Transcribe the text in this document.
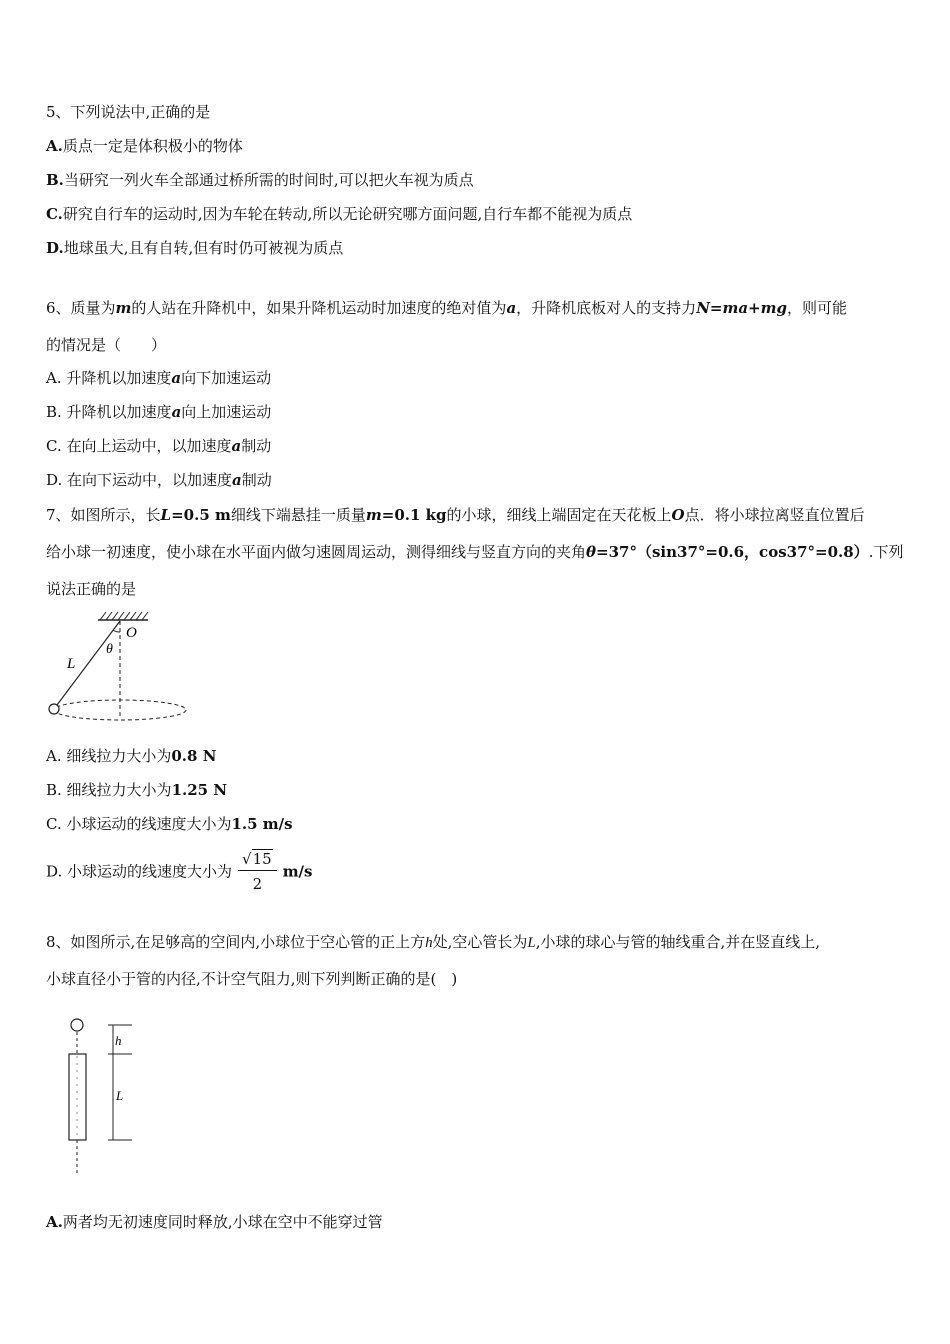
5、下列说法中,正确的是
A.质点一定是体积极小的物体
B.当研究一列火车全部通过桥所需的时间时,可以把火车视为质点
C.研究自行车的运动时,因为车轮在转动,所以无论研究哪方面问题,自行车都不能视为质点
D.地球虽大,且有自转,但有时仍可被视为质点
6、质量为m的人站在升降机中，如果升降机运动时加速度的绝对值为a，升降机底板对人的支持力N=ma+mg，则可能
的情况是（　　）
A. 升降机以加速度a向下加速运动
B. 升降机以加速度a向上加速运动
C. 在向上运动中，以加速度a制动
D. 在向下运动中，以加速度a制动
7、如图所示，长L=0.5 m细线下端悬挂一质量m=0.1 kg的小球，细线上端固定在天花板上O点．将小球拉离竖直位置后
给小球一初速度，使小球在水平面内做匀速圆周运动，测得细线与竖直方向的夹角θ=37°（sin37°=0.6，cos37°=0.8）.下列
说法正确的是
O
θ
L
A. 细线拉力大小为0.8 N
B. 细线拉力大小为1.25 N
C. 小球运动的线速度大小为1.5 m/s
D. 小球运动的线速度大小为 $\frac{√15}{2} m/s$
8、如图所示,在足够高的空间内,小球位于空心管的正上方h处,空心管长为L,小球的球心与管的轴线重合,并在竖直线上,
小球直径小于管的内径,不计空气阻力,则下列判断正确的是(　)
h
L
A.两者均无初速度同时释放,小球在空中不能穿过管
